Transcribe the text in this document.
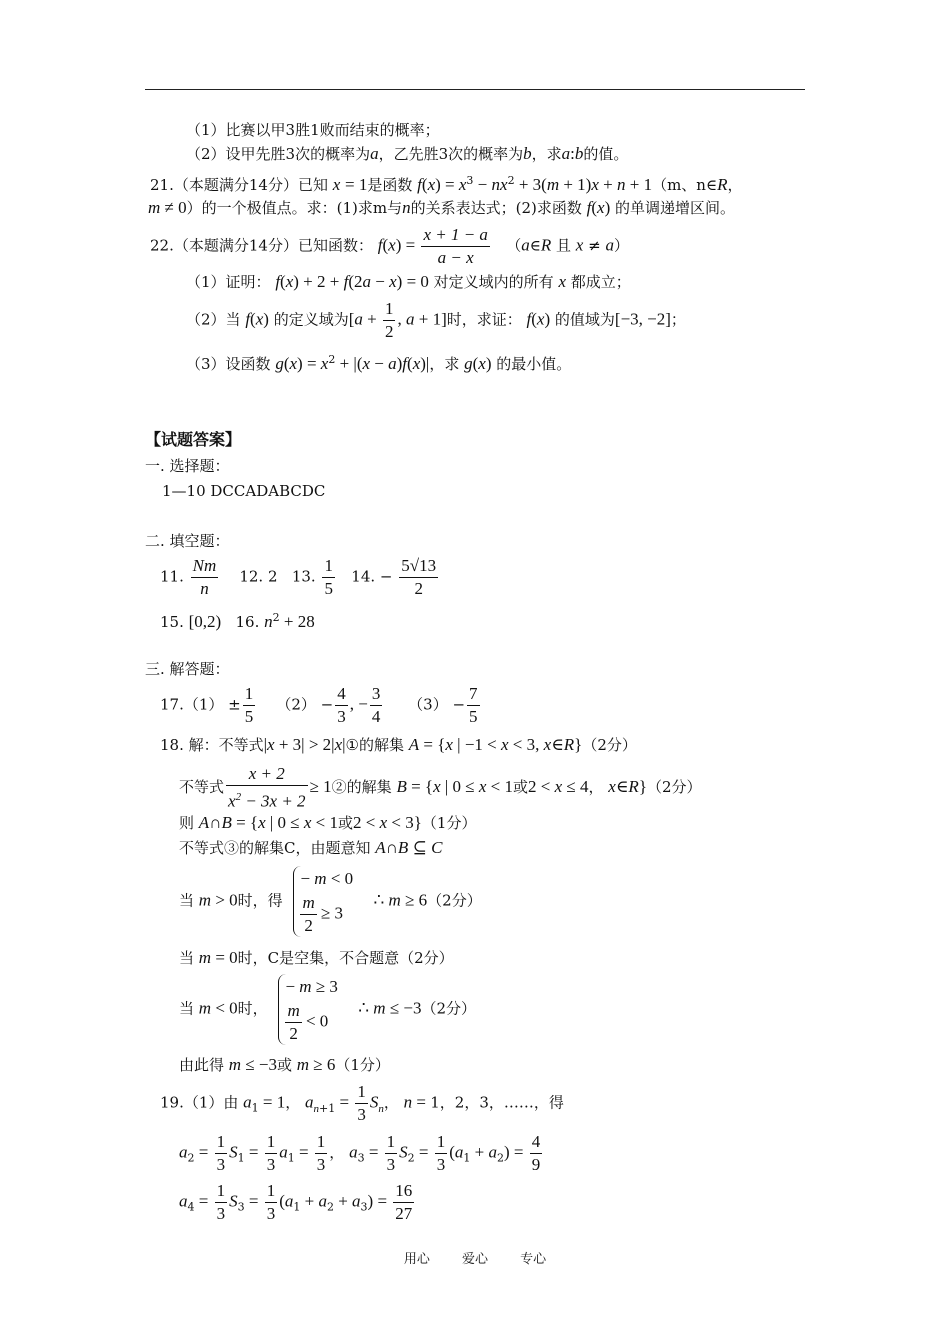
（1）比赛以甲3胜1败而结束的概率；
（2）设甲先胜3次的概率为a，乙先胜3次的概率为b，求a:b的值。
21.（本题满分14分）已知 x = 1是函数 $f(x) = x^3 - nx^2 + 3(m + 1)x + n + 1(m$、n∈R，
m ≠ 0）的一个极值点。求：(1)求m与n的关系表达式；(2)求函数 f(x) 的单调递增区间。
22.（本题满分14分）已知函数： $f(x) = \frac{x + 1 - a}{a - x}$ （a∈R 且 x ≠ a）
（1）证明： f(x) + 2 + f(2a − x) = 0 对定义域内的所有 x 都成立；
（2）当 f(x) 的定义域为[$a + \frac{1}{2}$ , a + 1]时，求证： f(x) 的值域为[−3, −2]；
（3）设函数 $g(x) = x^2 + |(x - a)f(x)|$，求 g(x) 的最小值。
【试题答案】
一. 选择题：
1—10 DCCADABCDC
二. 填空题：
11. $\frac{Nm}{n} 12$. 2 13. $\frac{1}{5} 14$. − $\frac{5√13}{2}$
15. [0,2)   16. $n^2 + 28$
三. 解答题：
$17.(1) \pm \frac{1}{5} (2) - \frac{4}{3}$ , − $\frac{3}{4} (3) - \frac{7}{5}$
18. 解：不等式|x + 3| > 2|x|①的解集 A = {x | −1 < x < 3, x∈R}（2分）
不等式 $\frac{x + 2}{x^2 - 3x + 2}$ ≥ 1②的解集 B = {x | 0 ≤ x < 1或2 < x ≤ 4， x∈R}（2分）
则 A∩B = {x | 0 ≤ x < 1或2 < x < 3}（1分）
不等式③的解集C，由题意知 A∩B ⊆ C
当 m > 0时，得
− m < 0
$\frac{m}{2} \ge 3$
∴ m ≥ 6（2分）
当 m = 0时，C是空集，不合题意（2分）
当 m < 0时，
− m ≥ 3
$\frac{m}{2} < 0$
∴ m ≤ −3（2分）
由此得 m ≤ −3或 m ≥ 6（1分）
19.（1）由 $a_1 = 1$， $a_{n+1} = \frac{1}{3} S_n$， n = 1，2，3，……，得
$a_2 = \frac{1}{3} S_1 = \frac{1}{3} a_1 = \frac{1}{3}$ ， $a_3 = \frac{1}{3} S_2 = \frac{1}{3} (a_1 + a_2) = \frac{4}{9}$
$a_4 = \frac{1}{3} S_3 = \frac{1}{3} (a_1 + a_2 + a_3) = \frac{16}{27}$
用心 爱心 专心
